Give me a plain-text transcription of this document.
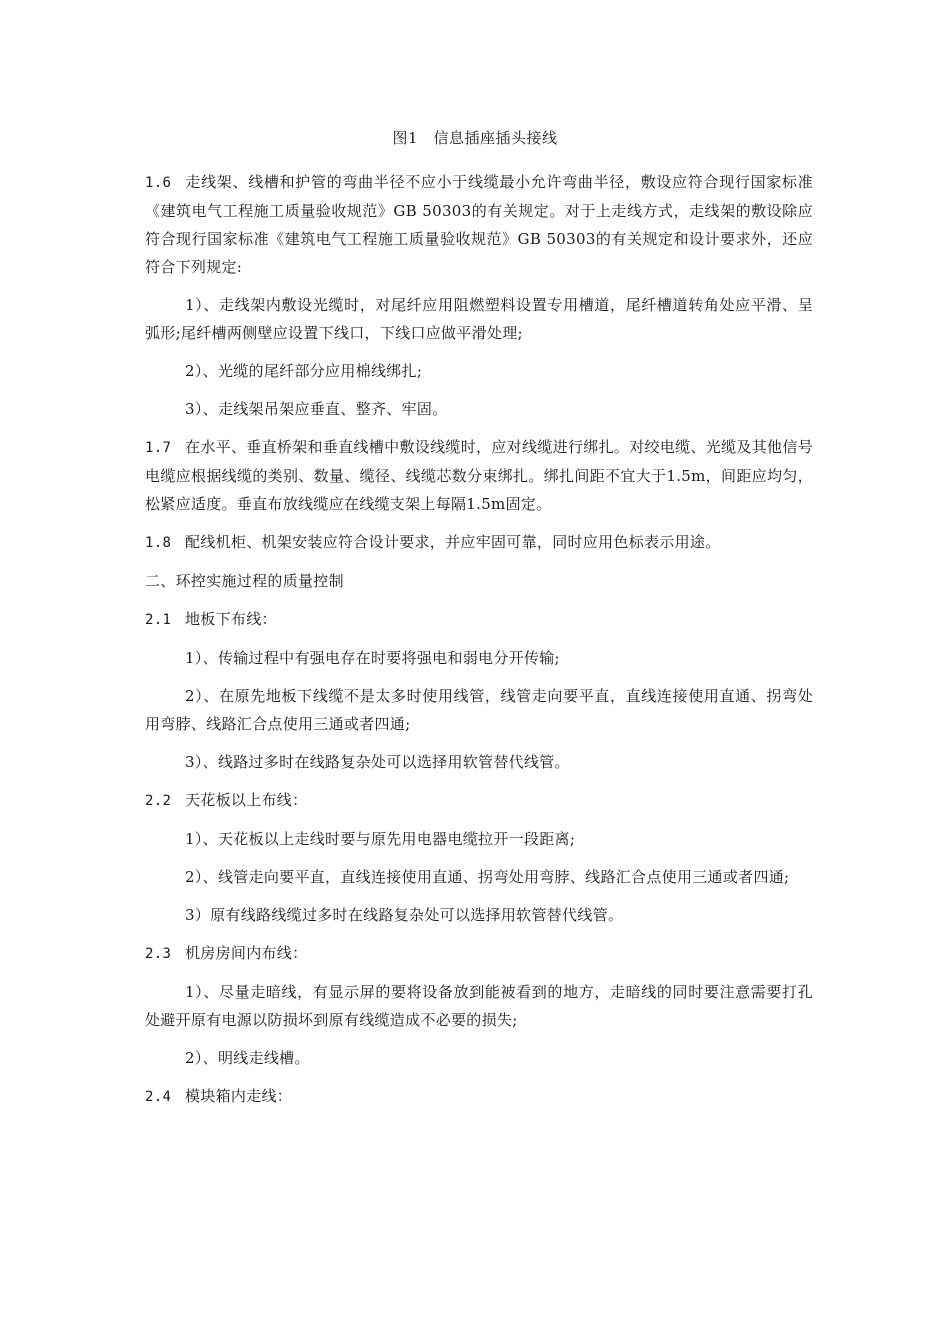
图1　信息插座插头接线

1.6 走线架、线槽和护管的弯曲半径不应小于线缆最小允许弯曲半径，敷设应符合现行国家标准《建筑电气工程施工质量验收规范》GB 50303的有关规定。对于上走线方式，走线架的敷设除应符合现行国家标准《建筑电气工程施工质量验收规范》GB 50303的有关规定和设计要求外，还应符合下列规定:

1）、走线架内敷设光缆时，对尾纤应用阻燃塑料设置专用槽道，尾纤槽道转角处应平滑、呈弧形;尾纤槽两侧壁应设置下线口，下线口应做平滑处理;

2）、光缆的尾纤部分应用棉线绑扎;

3）、走线架吊架应垂直、整齐、牢固。

1.7 在水平、垂直桥架和垂直线槽中敷设线缆时，应对线缆进行绑扎。对绞电缆、光缆及其他信号电缆应根据线缆的类别、数量、缆径、线缆芯数分束绑扎。绑扎间距不宜大于1.5m，间距应均匀，松紧应适度。垂直布放线缆应在线缆支架上每隔1.5m固定。

1.8 配线机柜、机架安装应符合设计要求，并应牢固可靠，同时应用色标表示用途。

二、环控实施过程的质量控制

2.1 地板下布线：

1）、传输过程中有强电存在时要将强电和弱电分开传输;

2）、在原先地板下线缆不是太多时使用线管，线管走向要平直，直线连接使用直通、拐弯处用弯脖、线路汇合点使用三通或者四通;

3）、线路过多时在线路复杂处可以选择用软管替代线管。

2.2 天花板以上布线：

1）、天花板以上走线时要与原先用电器电缆拉开一段距离;

2）、线管走向要平直，直线连接使用直通、拐弯处用弯脖、线路汇合点使用三通或者四通;

3）原有线路线缆过多时在线路复杂处可以选择用软管替代线管。

2.3 机房房间内布线：

1）、尽量走暗线，有显示屏的要将设备放到能被看到的地方，走暗线的同时要注意需要打孔处避开原有电源以防损坏到原有线缆造成不必要的损失;

2）、明线走线槽。

2.4 模块箱内走线：
